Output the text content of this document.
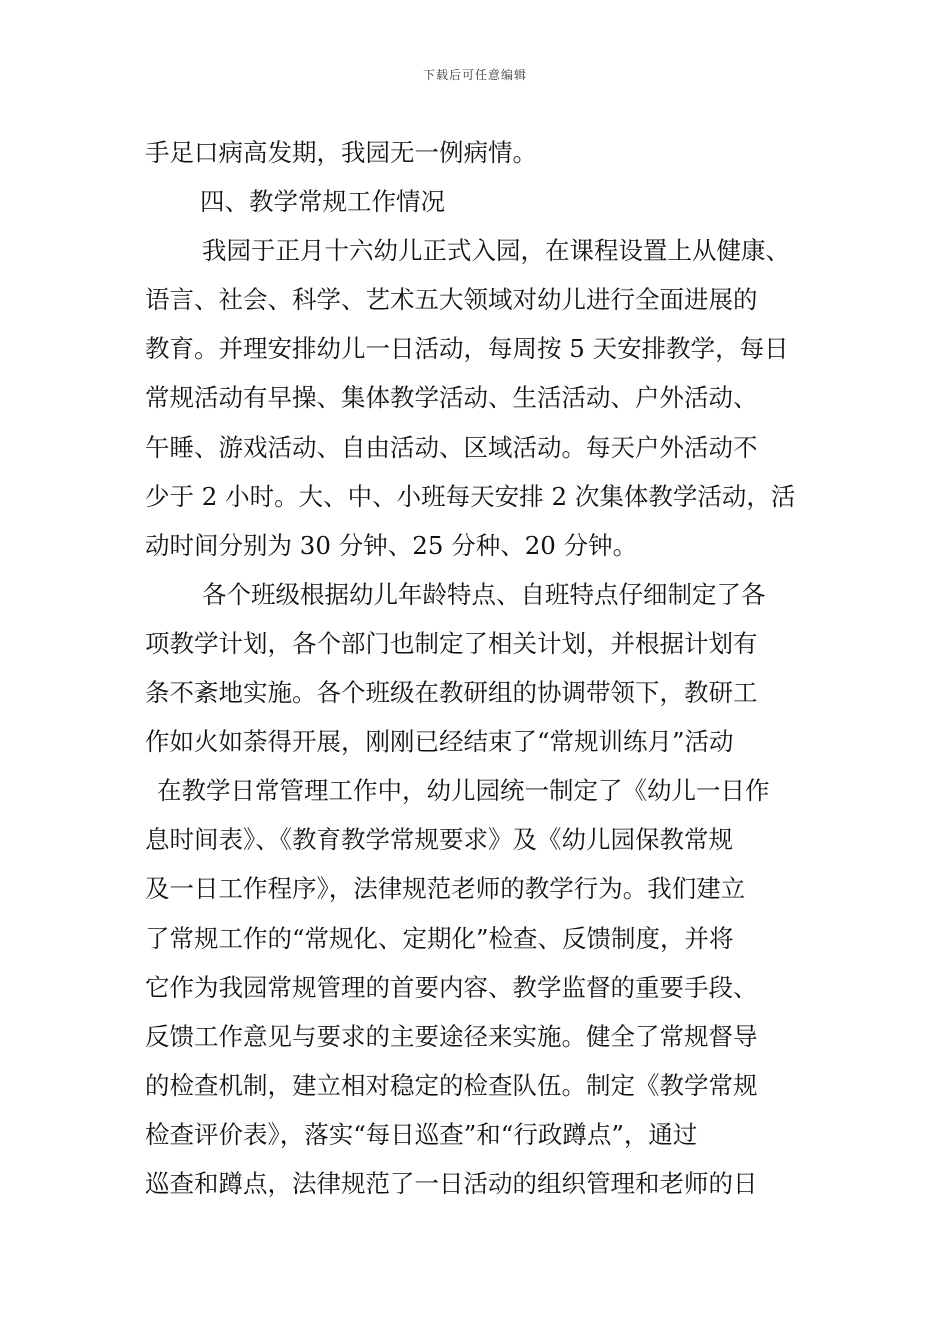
下载后可任意编辑
手足口病高发期，我园无一例病情。
四、教学常规工作情况
我园于正月十六幼儿正式入园，在课程设置上从健康、
语言、社会、科学、艺术五大领域对幼儿进行全面进展的
教育。并理安排幼儿一日活动，每周按 5 天安排教学，每日
常规活动有早操、集体教学活动、生活活动、户外活动、
午睡、游戏活动、自由活动、区域活动。每天户外活动不
少于 2 小时。大、中、小班每天安排 2 次集体教学活动，活
动时间分别为 30 分钟、25 分种、20 分钟。
各个班级根据幼儿年龄特点、自班特点仔细制定了各
项教学计划，各个部门也制定了相关计划，并根据计划有
条不紊地实施。各个班级在教研组的协调带领下，教研工
作如火如荼得开展，刚刚已经结束了“常规训练月”活动
在教学日常管理工作中，幼儿园统一制定了《幼儿一日作
息时间表》、《教育教学常规要求》及《幼儿园保教常规
及一日工作程序》，法律规范老师的教学行为。我们建立
了常规工作的“常规化、定期化”检查、反馈制度，并将
它作为我园常规管理的首要内容、教学监督的重要手段、
反馈工作意见与要求的主要途径来实施。健全了常规督导
的检查机制，建立相对稳定的检查队伍。制定《教学常规
检查评价表》，落实“每日巡查”和“行政蹲点”，通过
巡查和蹲点，法律规范了一日活动的组织管理和老师的日
